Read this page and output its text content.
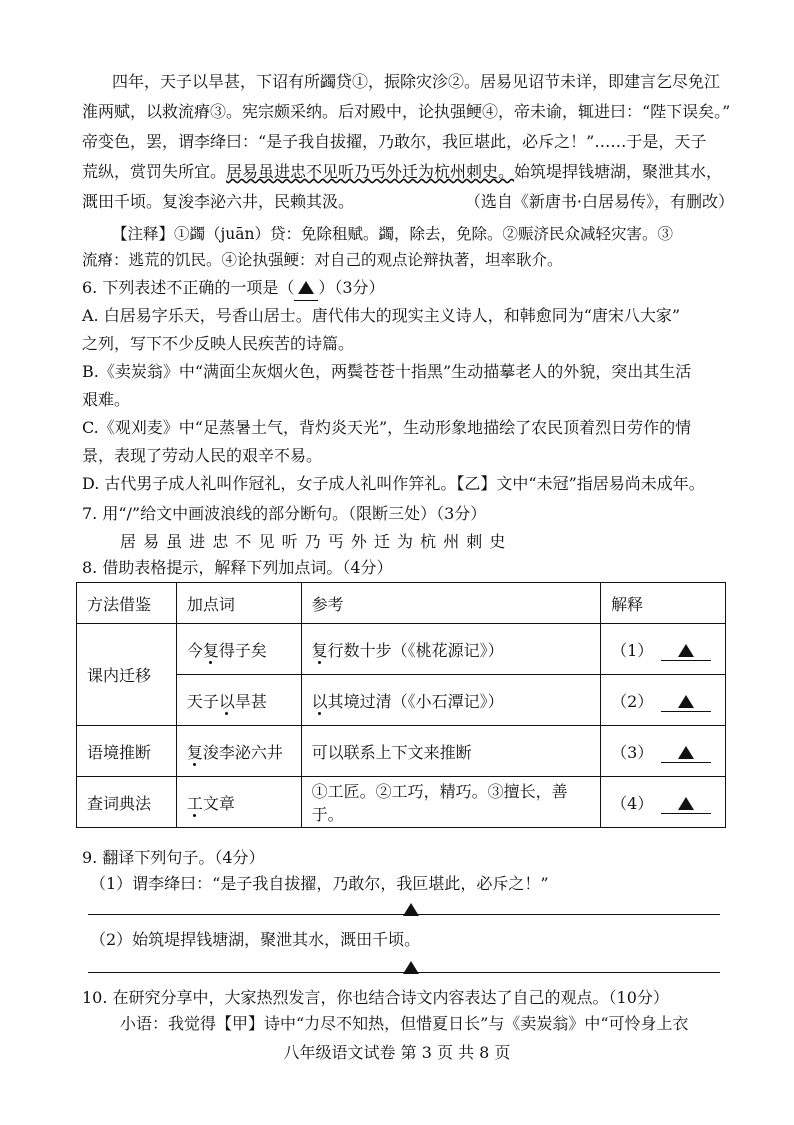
四年，天子以旱甚，下诏有所蠲贷①，振除灾沴②。居易见诏节未详，即建言乞尽免江
淮两赋，以救流瘠③。宪宗颇采纳。后对殿中，论执强鲠④，帝未谕，辄进曰：“陛下误矣。”
帝变色，罢，谓李绛曰：“是子我自拔擢，乃敢尔，我叵堪此，必斥之！”……于是，天子
荒纵，赏罚失所宜。居易虽进忠不见听乃丐外迁为杭州刺史。始筑堤捍钱塘湖，聚泄其水，
溉田千顷。复浚李泌六井，民赖其汲。	（选自《新唐书·白居易传》，有删改）
【注释】①蠲（juān）贷：免除租赋。蠲，除去，免除。②赈济民众减轻灾害。③
流瘠：逃荒的饥民。④论执强鲠：对自己的观点论辩执著，坦率耿介。
6. 下列表述不正确的一项是（ ）（3分）
A. 白居易字乐天，号香山居士。唐代伟大的现实主义诗人，和韩愈同为“唐宋八大家”
之列，写下不少反映人民疾苦的诗篇。
B.《卖炭翁》中“满面尘灰烟火色，两鬓苍苍十指黑”生动描摹老人的外貌，突出其生活
艰难。
C.《观刈麦》中“足蒸暑土气，背灼炎天光”，生动形象地描绘了农民顶着烈日劳作的情
景，表现了劳动人民的艰辛不易。
D. 古代男子成人礼叫作冠礼，女子成人礼叫作笄礼。【乙】文中“未冠”指居易尚未成年。
7. 用“/”给文中画波浪线的部分断句。（限断三处）（3分）
居 易 虽 进 忠 不 见 听 乃 丐 外 迁 为 杭 州 刺 史
8. 借助表格提示，解释下列加点词。（4分）
方法借鉴	加点词	参考	解释
课内迁移	今复得子矣	复行数十步（《桃花源记》）	（1）
	天子以旱甚	以其境过清（《小石潭记》）	（2）
语境推断	复浚李泌六井	可以联系上下文来推断	（3）
查词典法	工文章	①工匠。②工巧，精巧。③擅长，善于。	（4）
9. 翻译下列句子。（4分）
（1）谓李绛曰：“是子我自拔擢，乃敢尔，我叵堪此，必斥之！”
（2）始筑堤捍钱塘湖，聚泄其水，溉田千顷。
10. 在研究分享中，大家热烈发言，你也结合诗文内容表达了自己的观点。（10分）
小语：我觉得【甲】诗中“力尽不知热，但惜夏日长”与《卖炭翁》中“可怜身上衣
八年级语文试卷 第 3 页 共 8 页
